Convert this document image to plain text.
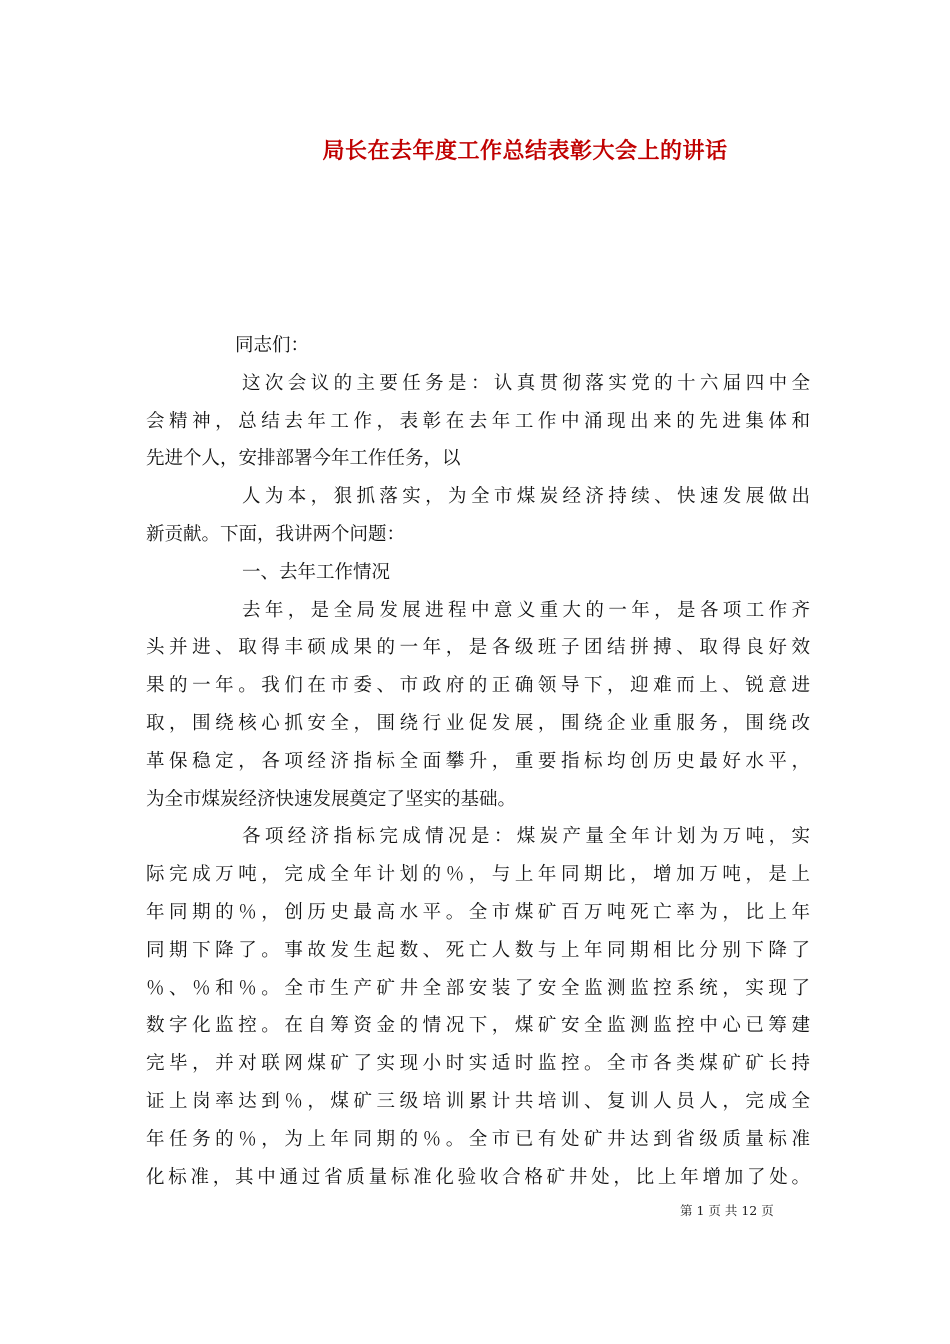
局长在去年度工作总结表彰大会上的讲话
同志们：
这次会议的主要任务是：认真贯彻落实党的十六届四中全
会精神，总结去年工作，表彰在去年工作中涌现出来的先进集体和
先进个人，安排部署今年工作任务，以
人为本，狠抓落实，为全市煤炭经济持续、快速发展做出
新贡献。下面，我讲两个问题：
一、去年工作情况
去年，是全局发展进程中意义重大的一年，是各项工作齐
头并进、取得丰硕成果的一年，是各级班子团结拼搏、取得良好效
果的一年。我们在市委、市政府的正确领导下，迎难而上、锐意进
取，围绕核心抓安全，围绕行业促发展，围绕企业重服务，围绕改
革保稳定，各项经济指标全面攀升，重要指标均创历史最好水平，
为全市煤炭经济快速发展奠定了坚实的基础。
各项经济指标完成情况是：煤炭产量全年计划为万吨，实
际完成万吨，完成全年计划的％，与上年同期比，增加万吨，是上
年同期的％，创历史最高水平。全市煤矿百万吨死亡率为，比上年
同期下降了。事故发生起数、死亡人数与上年同期相比分别下降了
％、％和％。全市生产矿井全部安装了安全监测监控系统，实现了
数字化监控。在自筹资金的情况下，煤矿安全监测监控中心已筹建
完毕，并对联网煤矿了实现小时实适时监控。全市各类煤矿矿长持
证上岗率达到％，煤矿三级培训累计共培训、复训人员人，完成全
年任务的％，为上年同期的％。全市已有处矿井达到省级质量标准
化标准，其中通过省质量标准化验收合格矿井处，比上年增加了处。
第 1 页 共 12 页
